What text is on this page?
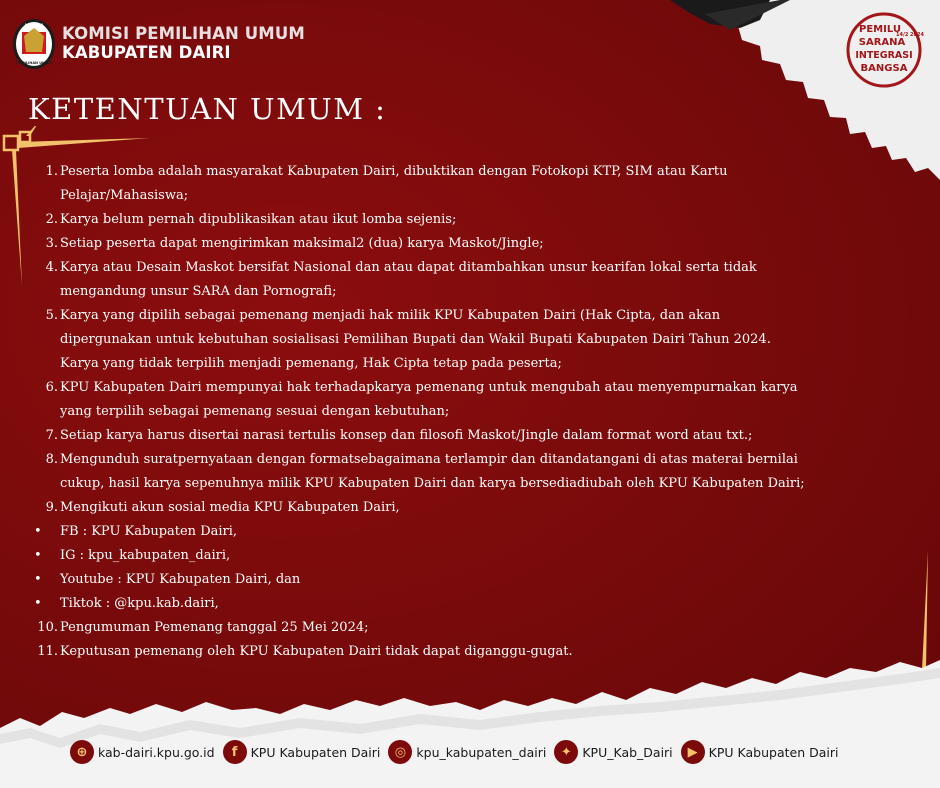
PEMILU
SARANA
INTEGRASI
BANGSA
14/2 2024
KOMISI
PEMILIHAN UMUM
KOMISI PEMILIHAN UMUM
KABUPATEN DAIRI
KETENTUAN UMUM :
1. Peserta lomba adalah masyarakat Kabupaten Dairi, dibuktikan dengan Fotokopi KTP, SIM atau Kartu
Pelajar/Mahasiswa;
2. Karya belum pernah dipublikasikan atau ikut lomba sejenis;
3. Setiap peserta dapat mengirimkan maksimal2 (dua) karya Maskot/Jingle;
4. Karya atau Desain Maskot bersifat Nasional dan atau dapat ditambahkan unsur kearifan lokal serta tidak
mengandung unsur SARA dan Pornografi;
5. Karya yang dipilih sebagai pemenang menjadi hak milik KPU Kabupaten Dairi (Hak Cipta, dan akan
dipergunakan untuk kebutuhan sosialisasi Pemilihan Bupati dan Wakil Bupati Kabupaten Dairi Tahun 2024.
Karya yang tidak terpilih menjadi pemenang, Hak Cipta tetap pada peserta;
6. KPU Kabupaten Dairi mempunyai hak terhadapkarya pemenang untuk mengubah atau menyempurnakan karya
yang terpilih sebagai pemenang sesuai dengan kebutuhan;
7. Setiap karya harus disertai narasi tertulis konsep dan filosofi Maskot/Jingle dalam format word atau txt.;
8. Mengunduh suratpernyataan dengan formatsebagaimana terlampir dan ditandatangani di atas materai bernilai
cukup, hasil karya sepenuhnya milik KPU Kabupaten Dairi dan karya bersediadiubah oleh KPU Kabupaten Dairi;
9. Mengikuti akun sosial media KPU Kabupaten Dairi,
•	FB : KPU Kabupaten Dairi,
•	IG : kpu_kabupaten_dairi,
•	Youtube : KPU Kabupaten Dairi, dan
•	Tiktok : @kpu.kab.dairi,
10. Pengumuman Pemenang tanggal 25 Mei 2024;
11. Keputusan pemenang oleh KPU Kabupaten Dairi tidak dapat diganggu-gugat.
⊕ kab-dairi.kpu.go.id	f	KPU Kabupaten Dairi	◎ kpu_kabupaten_dairi	✦ KPU_Kab_Dairi	▶ KPU Kabupaten Dairi
